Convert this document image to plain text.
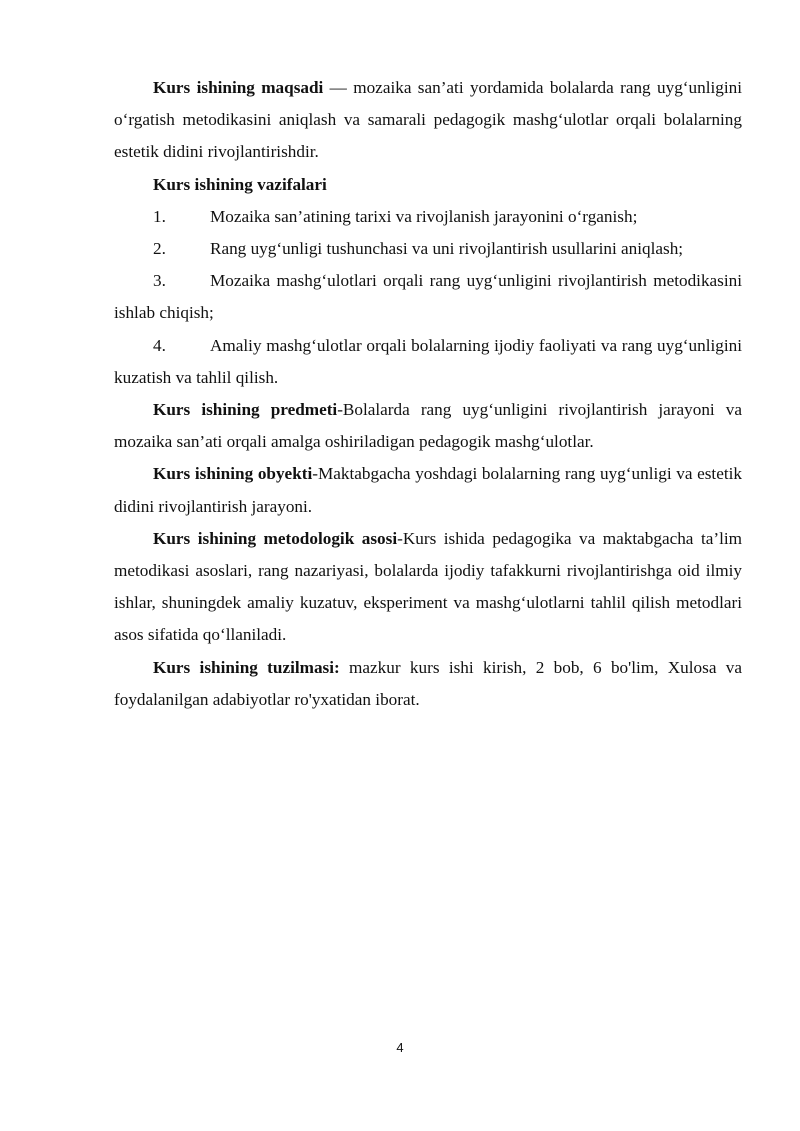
Kurs ishining maqsadi — mozaika san’ati yordamida bolalarda rang uyg‘unligini o‘rgatish metodikasini aniqlash va samarali pedagogik mashg‘ulotlar orqali bolalarning estetik didini rivojlantirishdir.

Kurs ishining vazifalari

1.	Mozaika san’atining tarixi va rivojlanish jarayonini o‘rganish;

2.	Rang uyg‘unligi tushunchasi va uni rivojlantirish usullarini aniqlash;

3.	Mozaika mashg‘ulotlari orqali rang uyg‘unligini rivojlantirish metodikasini ishlab chiqish;

4.	Amaliy mashg‘ulotlar orqali bolalarning ijodiy faoliyati va rang uyg‘unligini kuzatish va tahlil qilish.

Kurs ishining predmeti-Bolalarda rang uyg‘unligini rivojlantirish jarayoni va mozaika san’ati orqali amalga oshiriladigan pedagogik mashg‘ulotlar.

Kurs ishining obyekti-Maktabgacha yoshdagi bolalarning rang uyg‘unligi va estetik didini rivojlantirish jarayoni.

Kurs ishining metodologik asosi-Kurs ishida pedagogika va maktabgacha ta’lim metodikasi asoslari, rang nazariyasi, bolalarda ijodiy tafakkurni rivojlantirishga oid ilmiy ishlar, shuningdek amaliy kuzatuv, eksperiment va mashg‘ulotlarni tahlil qilish metodlari asos sifatida qo‘llaniladi.

Kurs ishining tuzilmasi: mazkur kurs ishi kirish, 2 bob, 6 bo'lim, Xulosa va foydalanilgan adabiyotlar ro'yxatidan iborat.

4
